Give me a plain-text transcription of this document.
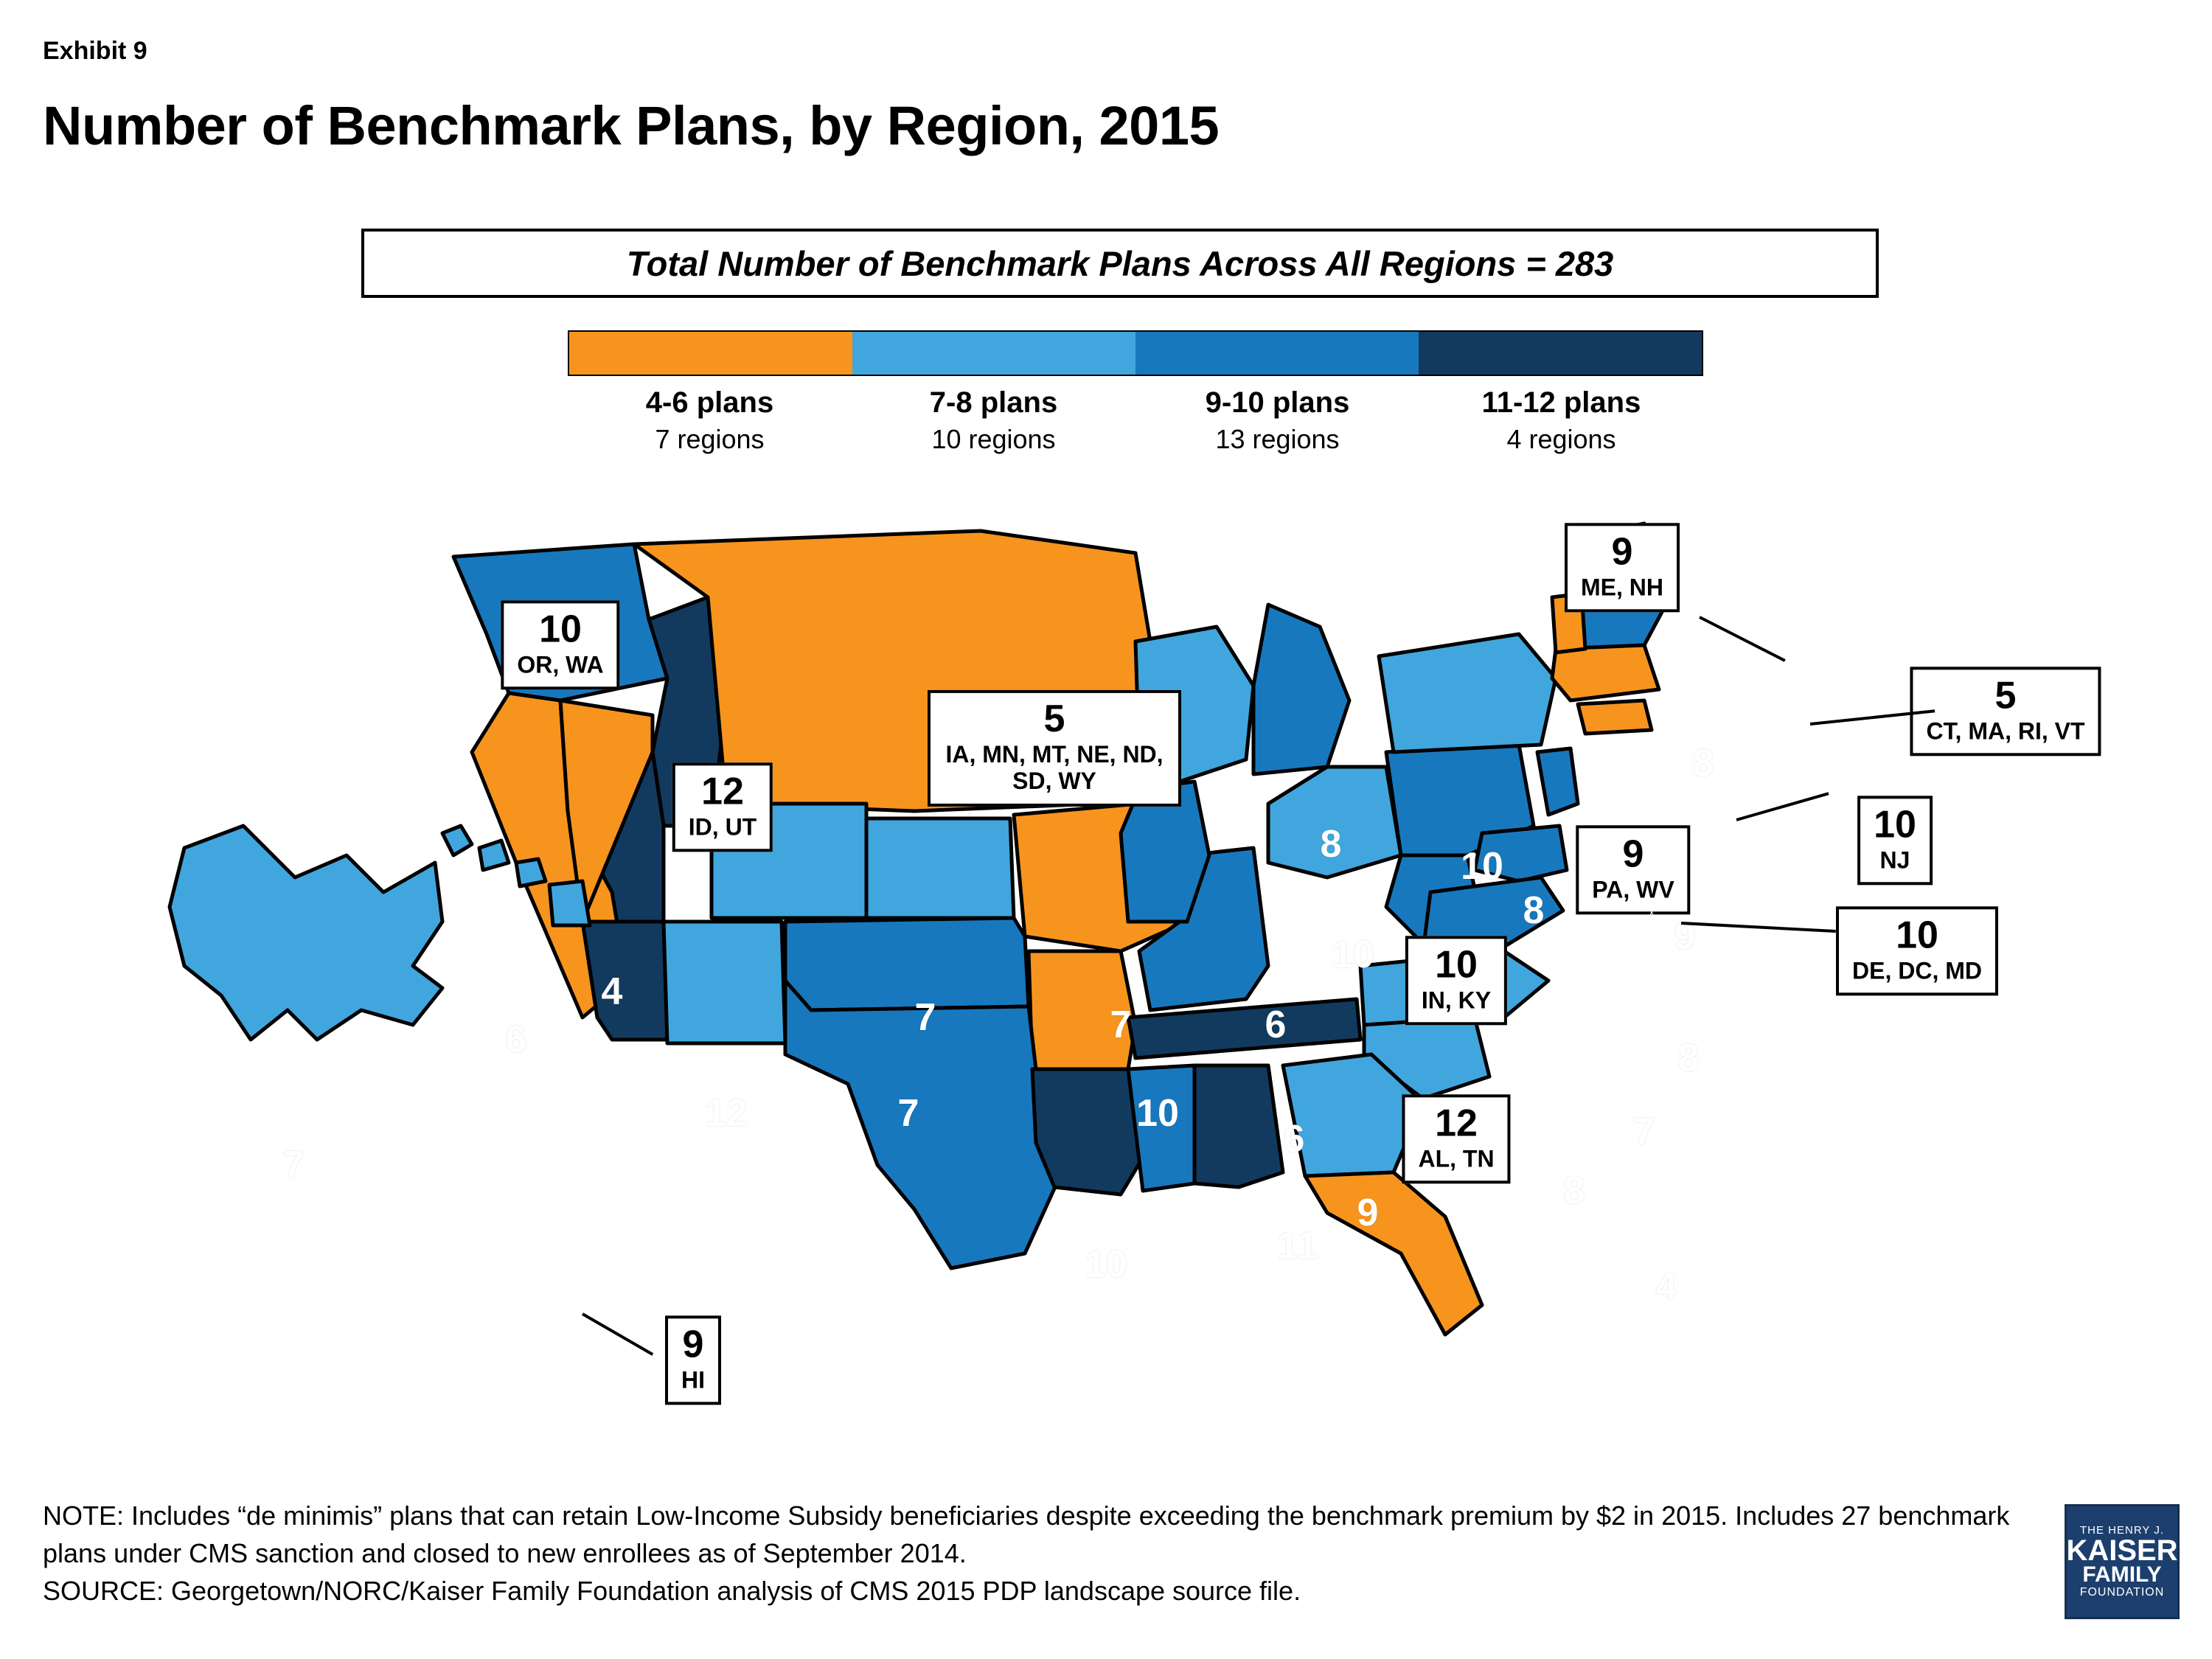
Exhibit 9
Number of Benchmark Plans, by Region, 2015
Total Number of Benchmark Plans Across All Regions = 283
4-6 plans
7 regions
7-8 plans
10 regions
9-10 plans
13 regions
11-12 plans
4 regions
6
4
12	7
7	7
10
10
6
6
11
9
8
10
10
8
8
9
8
7
8
4
7
10
OR, WA
12
ID, UT
5
IA, MN, MT, NE, ND, SD, WY
9
ME, NH
5
CT, MA, RI, VT
10
NJ
9
PA, WV
10
DE, DC, MD
10
IN, KY
12
AL, TN
9
HI
☆
NOTE: Includes “de minimis” plans that can retain Low-Income Subsidy beneficiaries despite exceeding the benchmark premium by $2 in 2015. Includes 27 benchmark plans under CMS sanction and closed to new enrollees as of September 2014.
SOURCE: Georgetown/NORC/Kaiser Family Foundation analysis of CMS 2015 PDP landscape source file.
THE HENRY J.
KAISER
FAMILY
FOUNDATION
